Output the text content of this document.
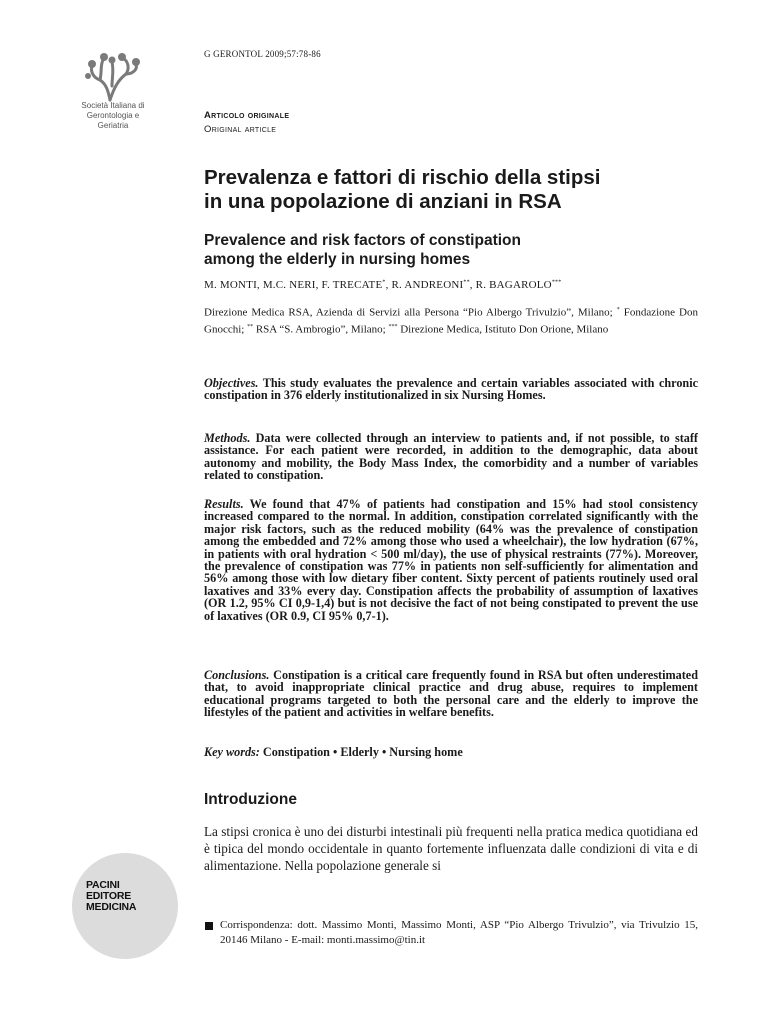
Società Italiana di
Gerontologia e
Geriatria
G GERONTOL 2009;57:78-86
Articolo originale
Original article
Prevalenza e fattori di rischio della stipsi
in una popolazione di anziani in RSA
Prevalence and risk factors of constipation
among the elderly in nursing homes
M. MONTI, M.C. NERI, F. TRECATE*, R. ANDREONI**, R. BAGAROLO***

Direzione Medica RSA, Azienda di Servizi alla Persona “Pio Albergo Trivulzio”, Milano; * Fondazione Don Gnocchi; ** RSA “S. Ambrogio”, Milano; *** Direzione Medica, Istituto Don Orione, Milano

Objectives. This study evaluates the prevalence and certain variables associated with chronic constipation in 376 elderly institutionalized in six Nursing Homes.

Methods. Data were collected through an interview to patients and, if not possible, to staff assistance. For each patient were recorded, in addition to the demographic, data about autonomy and mobility, the Body Mass Index, the comorbidity and a number of variables related to constipation.

Results. We found that 47% of patients had constipation and 15% had stool consistency increased compared to the normal. In addition, constipation correlated significantly with the major risk factors, such as the reduced mobility (64% was the prevalence of constipation among the embedded and 72% among those who used a wheelchair), the low hydration (67%, in patients with oral hydration < 500 ml/day), the use of physical restraints (77%). Moreover, the prevalence of constipation was 77% in patients non self-sufficiently for alimentation and 56% among those with low dietary fiber content. Sixty percent of patients routinely used oral laxatives and 33% every day. Constipation affects the probability of assumption of laxatives (OR 1.2, 95% CI 0,9-1,4) but is not decisive the fact of not being constipated to prevent the use of laxatives (OR 0.9, CI 95% 0,7-1).

Conclusions. Constipation is a critical care frequently found in RSA but often underestimated that, to avoid inappropriate clinical practice and drug abuse, requires to implement educational programs targeted to both the personal care and the elderly to improve the lifestyles of the patient and activities in welfare benefits.

Key words: Constipation • Elderly • Nursing home
Introduzione

La stipsi cronica è uno dei disturbi intestinali più frequenti nella pratica medica quotidiana ed è tipica del mondo occidentale in quanto fortemente influenzata dalle condizioni di vita e di alimentazione. Nella popolazione generale si

PACINI
EDITORE
MEDICINA

Corrispondenza: dott. Massimo Monti, Massimo Monti, ASP “Pio Albergo Trivulzio”, via Trivulzio 15, 20146 Milano - E-mail: monti.massimo@tin.it
